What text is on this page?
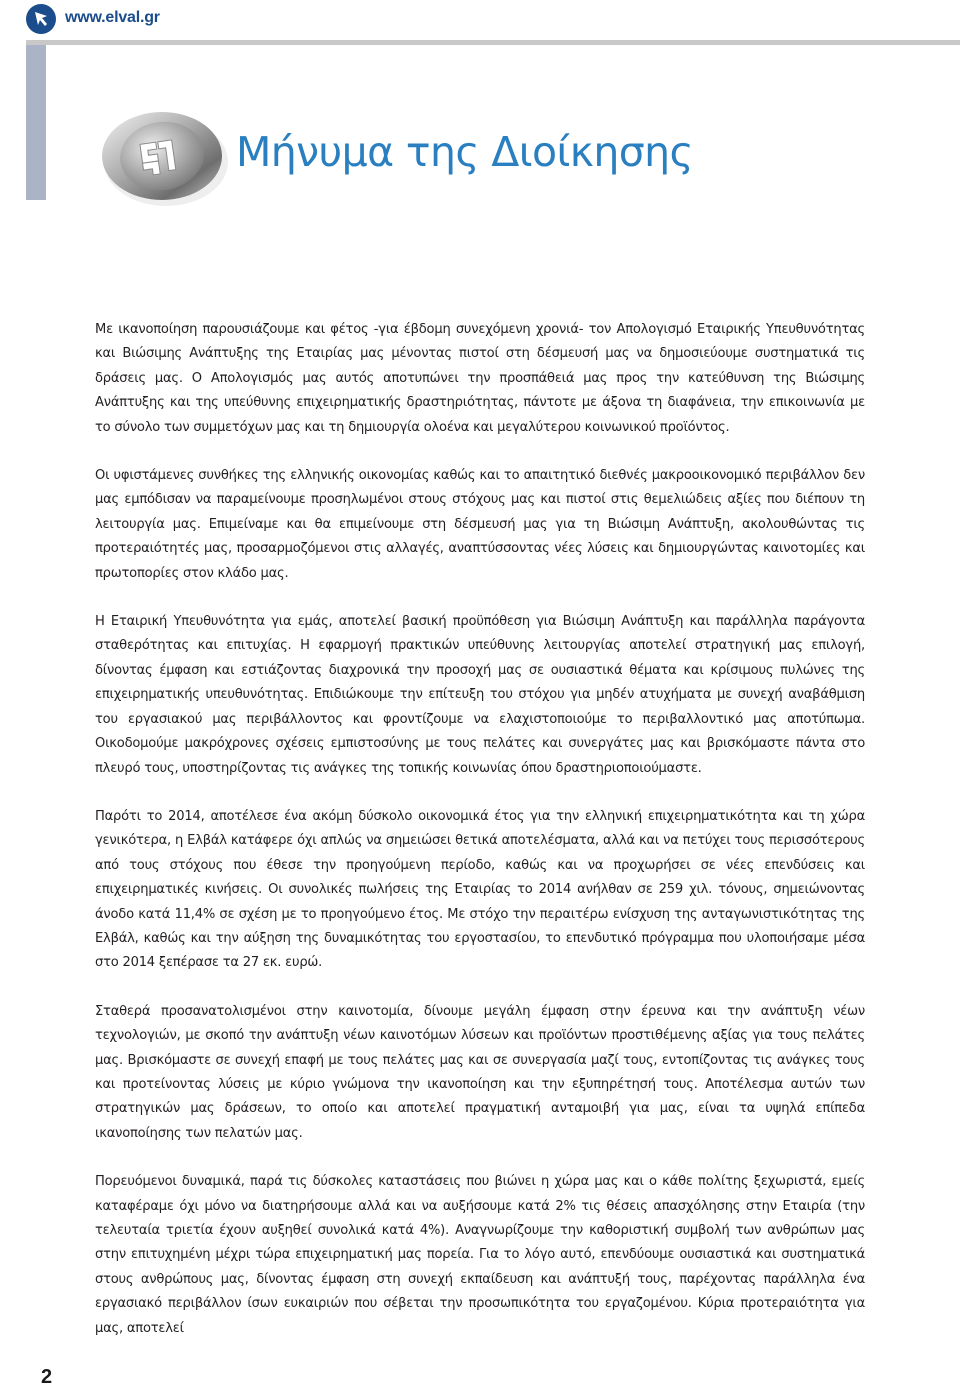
www.elval.gr
Μήνυμα της Διοίκησης

Με ικανοποίηση παρουσιάζουμε και φέτος -για έβδομη συνεχόμενη χρονιά- τον Απολογισμό Εταιρικής Υπευθυνότητας και Βιώσιμης Ανάπτυξης της Εταιρίας μας μένοντας πιστοί στη δέσμευσή μας να δημοσιεύουμε συστηματικά τις δράσεις μας. Ο Απολογισμός μας αυτός αποτυπώνει την προσπάθειά μας προς την κατεύθυνση της Βιώσιμης Ανάπτυξης και της υπεύθυνης επιχειρηματικής δραστηριότητας, πάντοτε με άξονα τη διαφάνεια, την επικοινωνία με το σύνολο των συμμετόχων μας και τη δημιουργία ολοένα και μεγαλύτερου κοινωνικού προϊόντος.

Οι υφιστάμενες συνθήκες της ελληνικής οικονομίας καθώς και το απαιτητικό διεθνές μακροοικονομικό περιβάλλον δεν μας εμπόδισαν να παραμείνουμε προσηλωμένοι στους στόχους μας και πιστοί στις θεμελιώδεις αξίες που διέπουν τη λειτουργία μας. Επιμείναμε και θα επιμείνουμε στη δέσμευσή μας για τη Βιώσιμη Ανάπτυξη, ακολουθώντας τις προτεραιότητές μας, προσαρμοζόμενοι στις αλλαγές, αναπτύσσοντας νέες λύσεις και δημιουργώντας καινοτομίες και πρωτοπορίες στον κλάδο μας.

Η Εταιρική Υπευθυνότητα για εμάς, αποτελεί βασική προϋπόθεση για Βιώσιμη Ανάπτυξη και παράλληλα παράγοντα σταθερότητας και επιτυχίας. Η εφαρμογή πρακτικών υπεύθυνης λειτουργίας αποτελεί στρατηγική μας επιλογή, δίνοντας έμφαση και εστιάζοντας διαχρονικά την προσοχή μας σε ουσιαστικά θέματα και κρίσιμους πυλώνες της επιχειρηματικής υπευθυνότητας. Επιδιώκουμε την επίτευξη του στόχου για μηδέν ατυχήματα με συνεχή αναβάθμιση του εργασιακού μας περιβάλλοντος και φροντίζουμε να ελαχιστοποιούμε το περιβαλλοντικό μας αποτύπωμα. Οικοδομούμε μακρόχρονες σχέσεις εμπιστοσύνης με τους πελάτες και συνεργάτες μας και βρισκόμαστε πάντα στο πλευρό τους, υποστηρίζοντας τις ανάγκες της τοπικής κοινωνίας όπου δραστηριοποιούμαστε.

Παρότι το 2014, αποτέλεσε ένα ακόμη δύσκολο οικονομικά έτος για την ελληνική επιχειρηματικότητα και τη χώρα γενικότερα, η Ελβάλ κατάφερε όχι απλώς να σημειώσει θετικά αποτελέσματα, αλλά και να πετύχει τους περισσότερους από τους στόχους που έθεσε την προηγούμενη περίοδο, καθώς και να προχωρήσει σε νέες επενδύσεις και επιχειρηματικές κινήσεις. Οι συνολικές πωλήσεις της Εταιρίας το 2014 ανήλθαν σε 259 χιλ. τόνους, σημειώνοντας άνοδο κατά 11,4% σε σχέση με το προηγούμενο έτος. Με στόχο την περαιτέρω ενίσχυση της ανταγωνιστικότητας της Ελβάλ, καθώς και την αύξηση της δυναμικότητας του εργοστασίου, το επενδυτικό πρόγραμμα που υλοποιήσαμε μέσα στο 2014 ξεπέρασε τα 27 εκ. ευρώ.

Σταθερά προσανατολισμένοι στην καινοτομία, δίνουμε μεγάλη έμφαση στην έρευνα και την ανάπτυξη νέων τεχνολογιών, με σκοπό την ανάπτυξη νέων καινοτόμων λύσεων και προϊόντων προστιθέμενης αξίας για τους πελάτες μας. Βρισκόμαστε σε συνεχή επαφή με τους πελάτες μας και σε συνεργασία μαζί τους, εντοπίζοντας τις ανάγκες τους και προτείνοντας λύσεις με κύριο γνώμονα την ικανοποίηση και την εξυπηρέτησή τους. Αποτέλεσμα αυτών των στρατηγικών μας δράσεων, το οποίο και αποτελεί πραγματική ανταμοιβή για μας, είναι τα υψηλά επίπεδα ικανοποίησης των πελατών μας.

Πορευόμενοι δυναμικά, παρά τις δύσκολες καταστάσεις που βιώνει η χώρα μας και ο κάθε πολίτης ξεχωριστά, εμείς καταφέραμε όχι μόνο να διατηρήσουμε αλλά και να αυξήσουμε κατά 2% τις θέσεις απασχόλησης στην Εταιρία (την τελευταία τριετία έχουν αυξηθεί συνολικά κατά 4%). Αναγνωρίζουμε την καθοριστική συμβολή των ανθρώπων μας στην επιτυχημένη μέχρι τώρα επιχειρηματική μας πορεία. Για το λόγο αυτό, επενδύουμε ουσιαστικά και συστηματικά στους ανθρώπους μας, δίνοντας έμφαση στη συνεχή εκπαίδευση και ανάπτυξή τους, παρέχοντας παράλληλα ένα εργασιακό περιβάλλον ίσων ευκαιριών που σέβεται την προσωπικότητα του εργαζομένου. Κύρια προτεραιότητα για μας, αποτελεί

2
